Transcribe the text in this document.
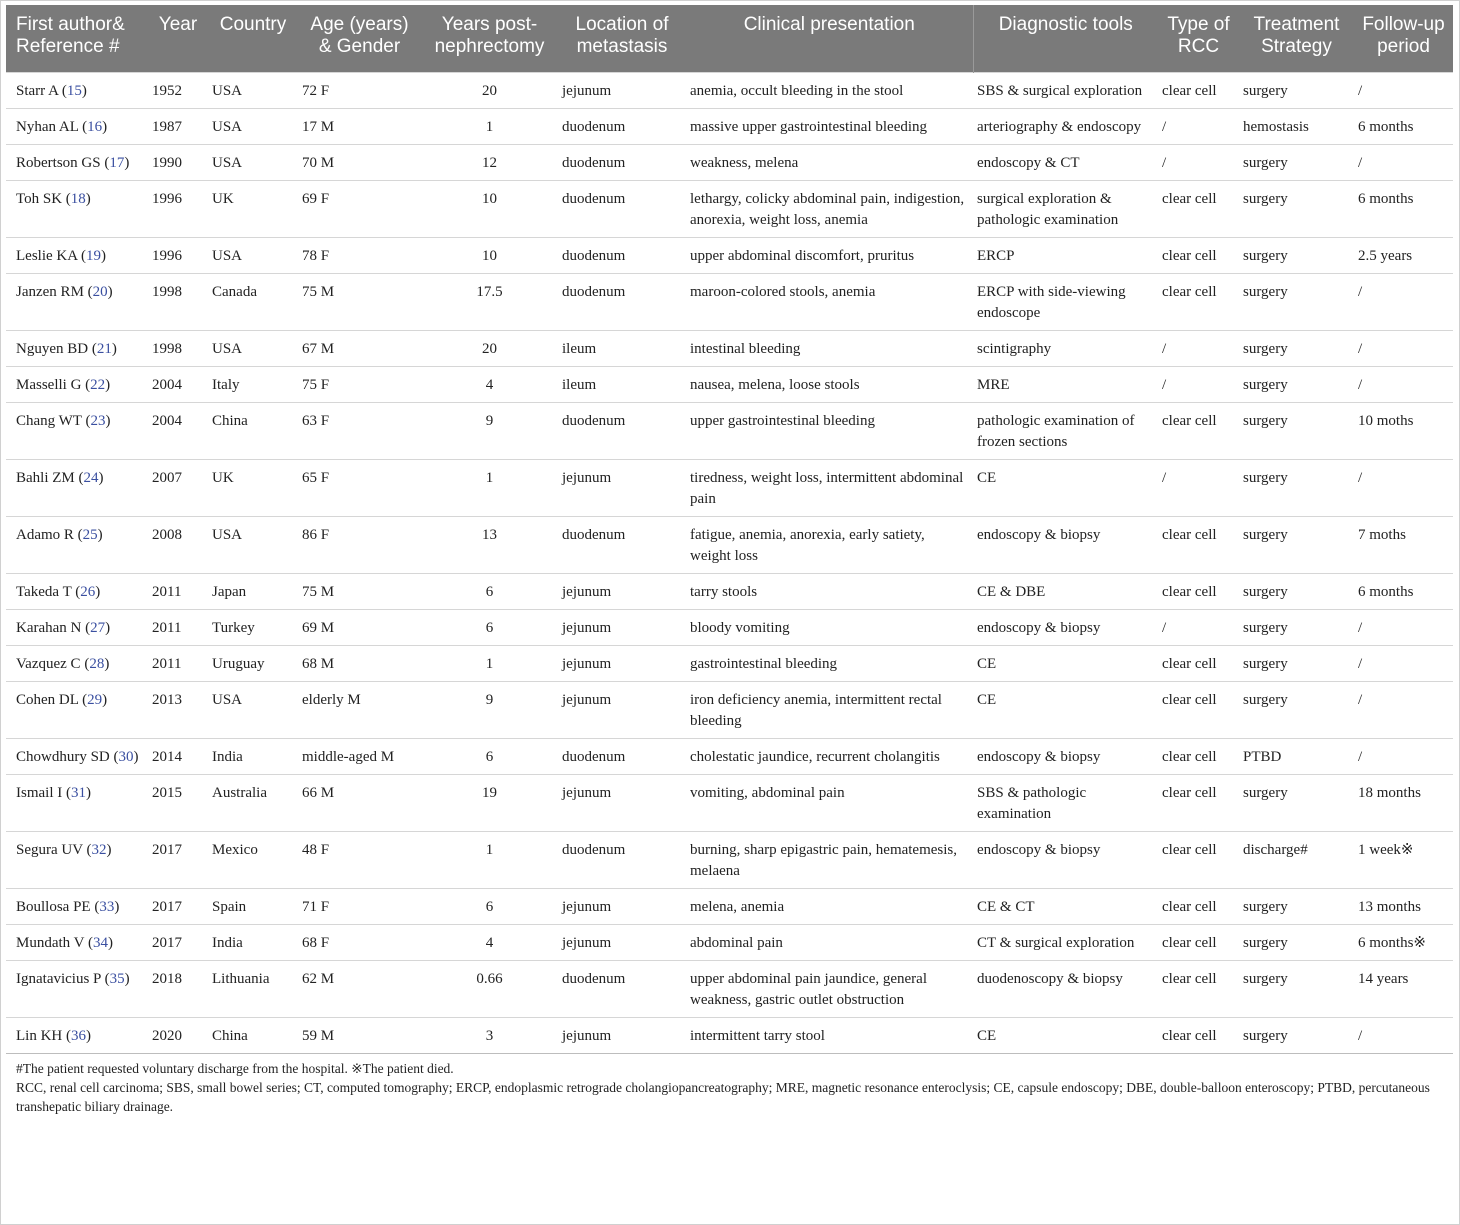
First author& Reference #	Year	Country	Age (years) & Gender	Years post-nephrectomy	Location of metastasis	Clinical presentation	Diagnostic tools	Type of RCC	Treatment Strategy	Follow-up period
Starr A (15)	1952	USA	72 F	20	jejunum	anemia, occult bleeding in the stool	SBS & surgical exploration	clear cell	surgery	/
Nyhan AL (16)	1987	USA	17 M	1	duodenum	massive upper gastrointestinal bleeding	arteriography & endoscopy	/	hemostasis	6 months
Robertson GS (17)	1990	USA	70 M	12	duodenum	weakness, melena	endoscopy & CT	/	surgery	/
Toh SK (18)	1996	UK	69 F	10	duodenum	lethargy, colicky abdominal pain, indigestion, anorexia, weight loss, anemia	surgical exploration & pathologic examination	clear cell	surgery	6 months
Leslie KA (19)	1996	USA	78 F	10	duodenum	upper abdominal discomfort, pruritus	ERCP	clear cell	surgery	2.5 years
Janzen RM (20)	1998	Canada	75 M	17.5	duodenum	maroon-colored stools, anemia	ERCP with side-viewing endoscope	clear cell	surgery	/
Nguyen BD (21)	1998	USA	67 M	20	ileum	intestinal bleeding	scintigraphy	/	surgery	/
Masselli G (22)	2004	Italy	75 F	4	ileum	nausea, melena, loose stools	MRE	/	surgery	/
Chang WT (23)	2004	China	63 F	9	duodenum	upper gastrointestinal bleeding	pathologic examination of frozen sections	clear cell	surgery	10 moths
Bahli ZM (24)	2007	UK	65 F	1	jejunum	tiredness, weight loss, intermittent abdominal pain	CE	/	surgery	/
Adamo R (25)	2008	USA	86 F	13	duodenum	fatigue, anemia, anorexia, early satiety, weight loss	endoscopy & biopsy	clear cell	surgery	7 moths
Takeda T (26)	2011	Japan	75 M	6	jejunum	tarry stools	CE & DBE	clear cell	surgery	6 months
Karahan N (27)	2011	Turkey	69 M	6	jejunum	bloody vomiting	endoscopy & biopsy	/	surgery	/
Vazquez C (28)	2011	Uruguay	68 M	1	jejunum	gastrointestinal bleeding	CE	clear cell	surgery	/
Cohen DL (29)	2013	USA	elderly M	9	jejunum	iron deficiency anemia, intermittent rectal bleeding	CE	clear cell	surgery	/
Chowdhury SD (30)	2014	India	middle-aged M	6	duodenum	cholestatic jaundice, recurrent cholangitis	endoscopy & biopsy	clear cell	PTBD	/
Ismail I (31)	2015	Australia	66 M	19	jejunum	vomiting, abdominal pain	SBS & pathologic examination	clear cell	surgery	18 months
Segura UV (32)	2017	Mexico	48 F	1	duodenum	burning, sharp epigastric pain, hematemesis, melaena	endoscopy & biopsy	clear cell	discharge#	1 week※
Boullosa PE (33)	2017	Spain	71 F	6	jejunum	melena, anemia	CE & CT	clear cell	surgery	13 months
Mundath V (34)	2017	India	68 F	4	jejunum	abdominal pain	CT & surgical exploration	clear cell	surgery	6 months※
Ignatavicius P (35)	2018	Lithuania	62 M	0.66	duodenum	upper abdominal pain jaundice, general weakness, gastric outlet obstruction	duodenoscopy & biopsy	clear cell	surgery	14 years
Lin KH (36)	2020	China	59 M	3	jejunum	intermittent tarry stool	CE	clear cell	surgery	/
#The patient requested voluntary discharge from the hospital. ※The patient died.
RCC, renal cell carcinoma; SBS, small bowel series; CT, computed tomography; ERCP, endoplasmic retrograde cholangiopancreatography; MRE, magnetic resonance enteroclysis; CE, capsule endoscopy; DBE, double-balloon enteroscopy; PTBD, percutaneous transhepatic biliary drainage.
